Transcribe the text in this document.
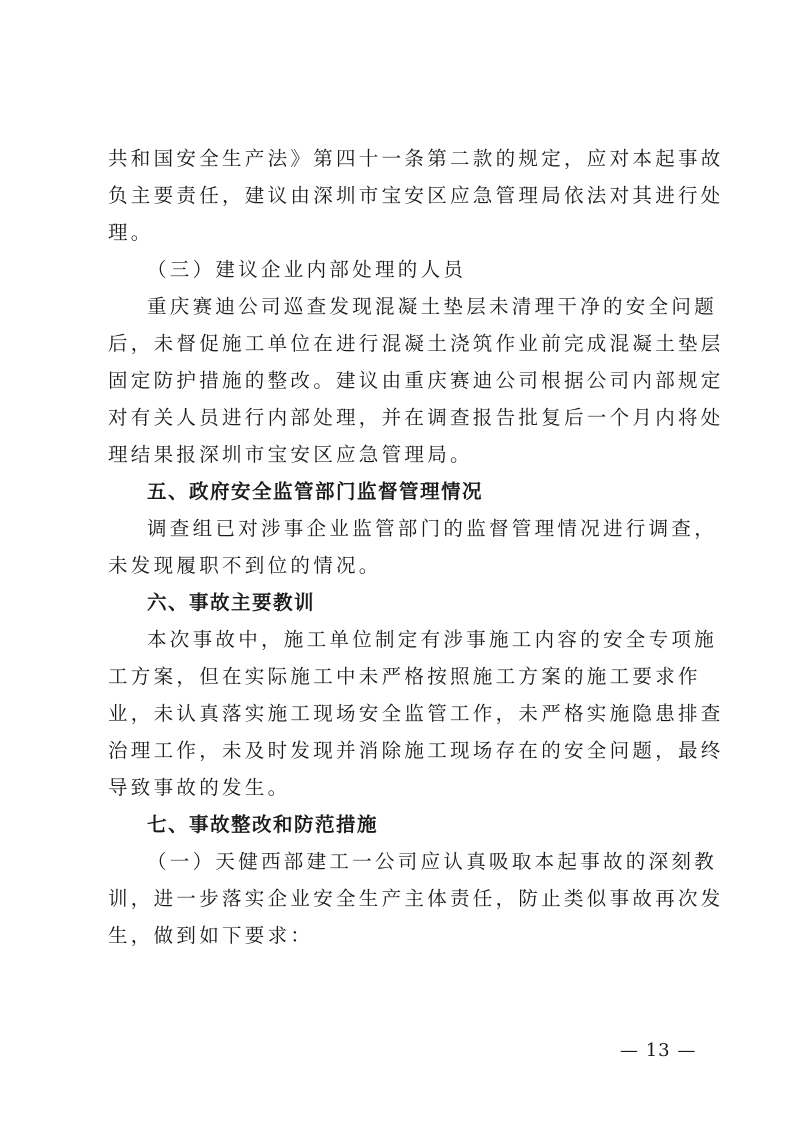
共和国安全生产法》第四十一条第二款的规定，应对本起事故
负主要责任，建议由深圳市宝安区应急管理局依法对其进行处
理。
（三）建议企业内部处理的人员
重庆赛迪公司巡查发现混凝土垫层未清理干净的安全问题
后，未督促施工单位在进行混凝土浇筑作业前完成混凝土垫层
固定防护措施的整改。建议由重庆赛迪公司根据公司内部规定
对有关人员进行内部处理，并在调查报告批复后一个月内将处
理结果报深圳市宝安区应急管理局。
五、政府安全监管部门监督管理情况
调查组已对涉事企业监管部门的监督管理情况进行调查，
未发现履职不到位的情况。
六、事故主要教训
本次事故中，施工单位制定有涉事施工内容的安全专项施
工方案，但在实际施工中未严格按照施工方案的施工要求作
业，未认真落实施工现场安全监管工作，未严格实施隐患排查
治理工作，未及时发现并消除施工现场存在的安全问题，最终
导致事故的发生。
七、事故整改和防范措施
（一）天健西部建工一公司应认真吸取本起事故的深刻教
训，进一步落实企业安全生产主体责任，防止类似事故再次发
生，做到如下要求：
— 13 —
